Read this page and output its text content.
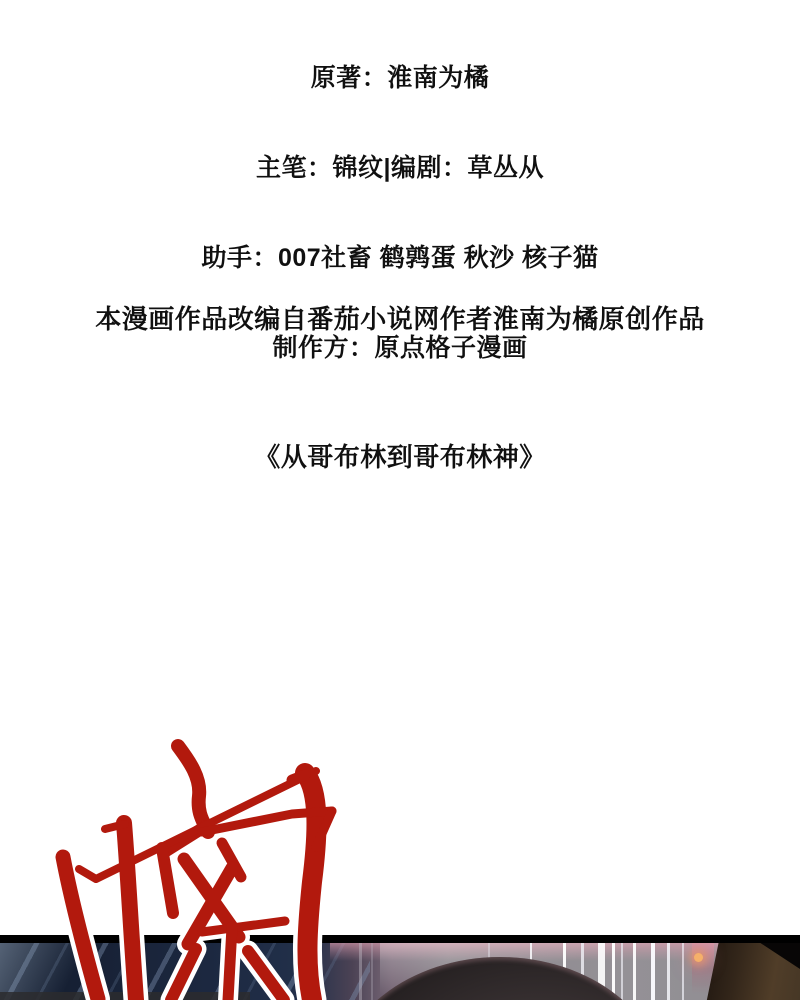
原著：淮南为橘

主笔：锦纹|编剧：草丛从

助手：007社畜 鹤鹑蛋 秋沙 核子猫

制作方：原点格子漫画

本漫画作品改编自番茄小说网作者淮南为橘原创作品

《从哥布林到哥布林神》
